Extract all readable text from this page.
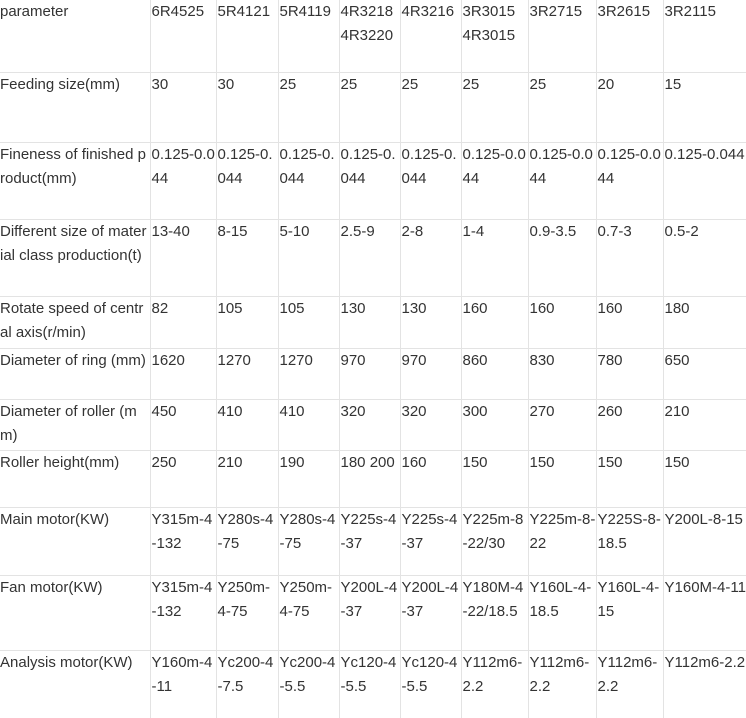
parameter	6R4525	5R4121	5R4119	4R3218 4R3220	4R3216	3R3015 4R3015	3R2715	3R2615	3R2115
Feeding size(mm)	30	30	25	25	25	25	25	20	15
Fineness of finished product(mm)	0.125-0.044	0.125-0.044	0.125-0.044	0.125-0.044	0.125-0.044	0.125-0.044	0.125-0.044	0.125-0.044	0.125-0.044
Different size of material class production(t)	13-40	8-15	5-10	2.5-9	2-8	1-4	0.9-3.5	0.7-3	0.5-2
Rotate speed of central axis(r/min)	82	105	105	130	130	160	160	160	180
Diameter of ring (mm)	1620	1270	1270	970	970	860	830	780	650
Diameter of roller (mm)	450	410	410	320	320	300	270	260	210
Roller height(mm)	250	210	190	180 200	160	150	150	150	150
Main motor(KW)	Y315m-4-132	Y280s-4-75	Y280s-4-75	Y225s-4-37	Y225s-4-37	Y225m-8-22/30	Y225m-8-22	Y225S-8-18.5	Y200L-8-15
Fan motor(KW)	Y315m-4-132	Y250m-4-75	Y250m-4-75	Y200L-4-37	Y200L-4-37	Y180M-4-22/18.5	Y160L-4-18.5	Y160L-4-15	Y160M-4-11
Analysis motor(KW)	Y160m-4-11	Yc200-4-7.5	Yc200-4-5.5	Yc120-4-5.5	Yc120-4-5.5	Y112m6-2.2	Y112m6-2.2	Y112m6-2.2	Y112m6-2.2
